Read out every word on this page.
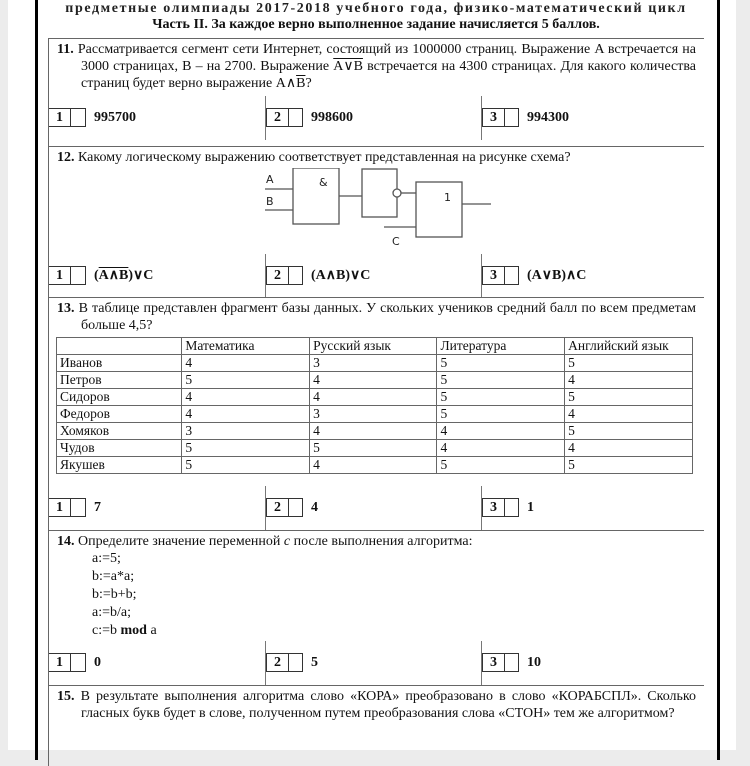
предметные олимпиады 2017-2018 учебного года, физико-математический цикл
Часть II. За каждое верно выполненное задание начисляется 5 баллов.
11. Рассматривается сегмент сети Интернет, состоящий из 1000000 страниц. Выражение A встречается на 3000 страницах, B – на 2700. Выражение A∨B встречается на 4300 страницах. Для какого количества страниц будет верно выражение $A\wedge\overline{B}$?
1	995700	2	998600	3	994300
12. Какому логическому выражению соответствует представленная на рисунке схема?
1	(A∧B)∨C	2	(A∧B)∨C	3	(A∨B)∧C
A
B
&
1
C
13. В таблице представлен фрагмент базы данных. У скольких учеников средний балл по всем предметам больше 4,5?
1	7	2	4	3	1
	Математика	Русский язык	Литература	Английский язык
Иванов	4	3	5	5
Петров	5	4	5	4
Сидоров	4	4	5	5
Федоров	4	3	5	4
Хомяков	3	4	4	5
Чудов	5	5	4	4
Якушев	5	4	5	5
14. Определите значение переменной c после выполнения алгоритма:
1	0	2	5	3	10
a:=5;
b:=a*a;
b:=b+b;
a:=b/a;
c:=b mod a
15. В результате выполнения алгоритма слово «КОРА» преобразовано в слово «КОРАБСПЛ». Сколько гласных букв будет в слове, полученном путем преобразования слова «СТОН» тем же алгоритмом?
